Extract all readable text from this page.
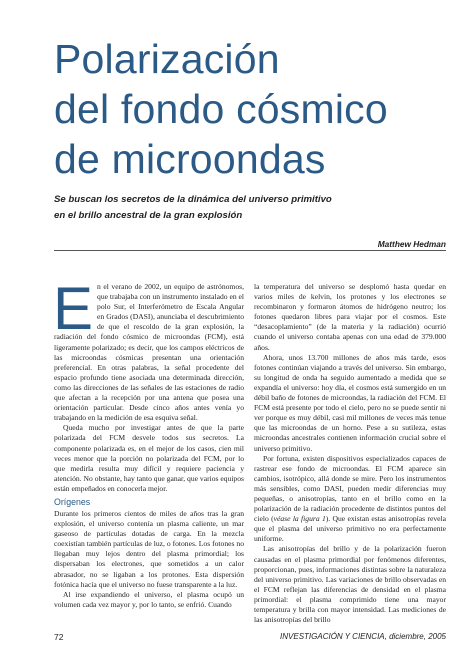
Polarización
del fondo cósmico
de microondas
Se buscan los secretos de la dinámica del universo primitivo
en el brillo ancestral de la gran explosión
Matthew Hedman

En el verano de 2002, un equipo de astrónomos, que trabajaba con un instrumento instalado en el polo Sur, el Interferómetro de Escala Angular en Grados (DASI), anunciaba el descubrimiento de que el rescoldo de la gran explosión, la radiación del fondo cósmico de microondas (FCM), está ligeramente polarizado; es decir, que los campos eléctricos de las microondas cósmicas presentan una orientación preferencial. En otras palabras, la señal procedente del espacio profundo tiene asociada una determinada dirección, como las direcciones de las señales de las estaciones de radio que afectan a la recepción por una antena que posea una orientación particular. Desde cinco años antes venía yo trabajando en la medición de esa esquiva señal.

Queda mucho por investigar antes de que la parte polarizada del FCM desvele todos sus secretos. La componente polarizada es, en el mejor de los casos, cien mil veces menor que la porción no polarizada del FCM, por lo que medirla resulta muy difícil y requiere paciencia y atención. No obstante, hay tanto que ganar, que varios equipos están empeñados en conocerla mejor.

Orígenes

Durante los primeros cientos de miles de años tras la gran explosión, el universo contenía un plasma caliente, un mar gaseoso de partículas dotadas de carga. En la mezcla coexistían también partículas de luz, o fotones. Los fotones no llegaban muy lejos dentro del plasma primordial; los dispersaban los electrones, que sometidos a un calor abrasador, no se ligaban a los protones. Esta dispersión fotónica hacía que el universo no fuese transparente a la luz.

Al irse expandiendo el universo, el plasma ocupó un volumen cada vez mayor y, por lo tanto, se enfrió. Cuando

la temperatura del universo se desplomó hasta quedar en varios miles de kelvin, los protones y los electrones se recombinaron y formaron átomos de hidrógeno neutro; los fotones quedaron libres para viajar por el cosmos. Este “desacoplamiento” (de la materia y la radiación) ocurrió cuando el universo contaba apenas con una edad de 379.000 años.

Ahora, unos 13.700 millones de años más tarde, esos fotones continúan viajando a través del universo. Sin embargo, su longitud de onda ha seguido aumentado a medida que se expandía el universo: hoy día, el cosmos está sumergido en un débil baño de fotones de microondas, la radiación del FCM. El FCM está presente por todo el cielo, pero no se puede sentir ni ver porque es muy débil, casi mil millones de veces más tenue que las microondas de un horno. Pese a su sutileza, estas microondas ancestrales contienen información crucial sobre el universo primitivo.

Por fortuna, existen dispositivos especializados capaces de rastrear ese fondo de microondas. El FCM aparece sin cambios, isotrópico, allá donde se mire. Pero los instrumentos más sensibles, como DASI, pueden medir diferencias muy pequeñas, o anisotropías, tanto en el brillo como en la polarización de la radiación procedente de distintos puntos del cielo (véase la figura 1). Que existan estas anisotropías revela que el plasma del universo primitivo no era perfectamente uniforme.

Las anisotropías del brillo y de la polarización fueron causadas en el plasma primordial por fenómenos diferentes, proporcionan, pues, informaciones distintas sobre la naturaleza del universo primitivo. Las variaciones de brillo observadas en el FCM reflejan las diferencias de densidad en el plasma primordial: el plasma comprimido tiene una mayor temperatura y brilla con mayor intensidad. Las mediciones de las anisotropías del brillo

72	INVESTIGACIÓN Y CIENCIA, diciembre, 2005
